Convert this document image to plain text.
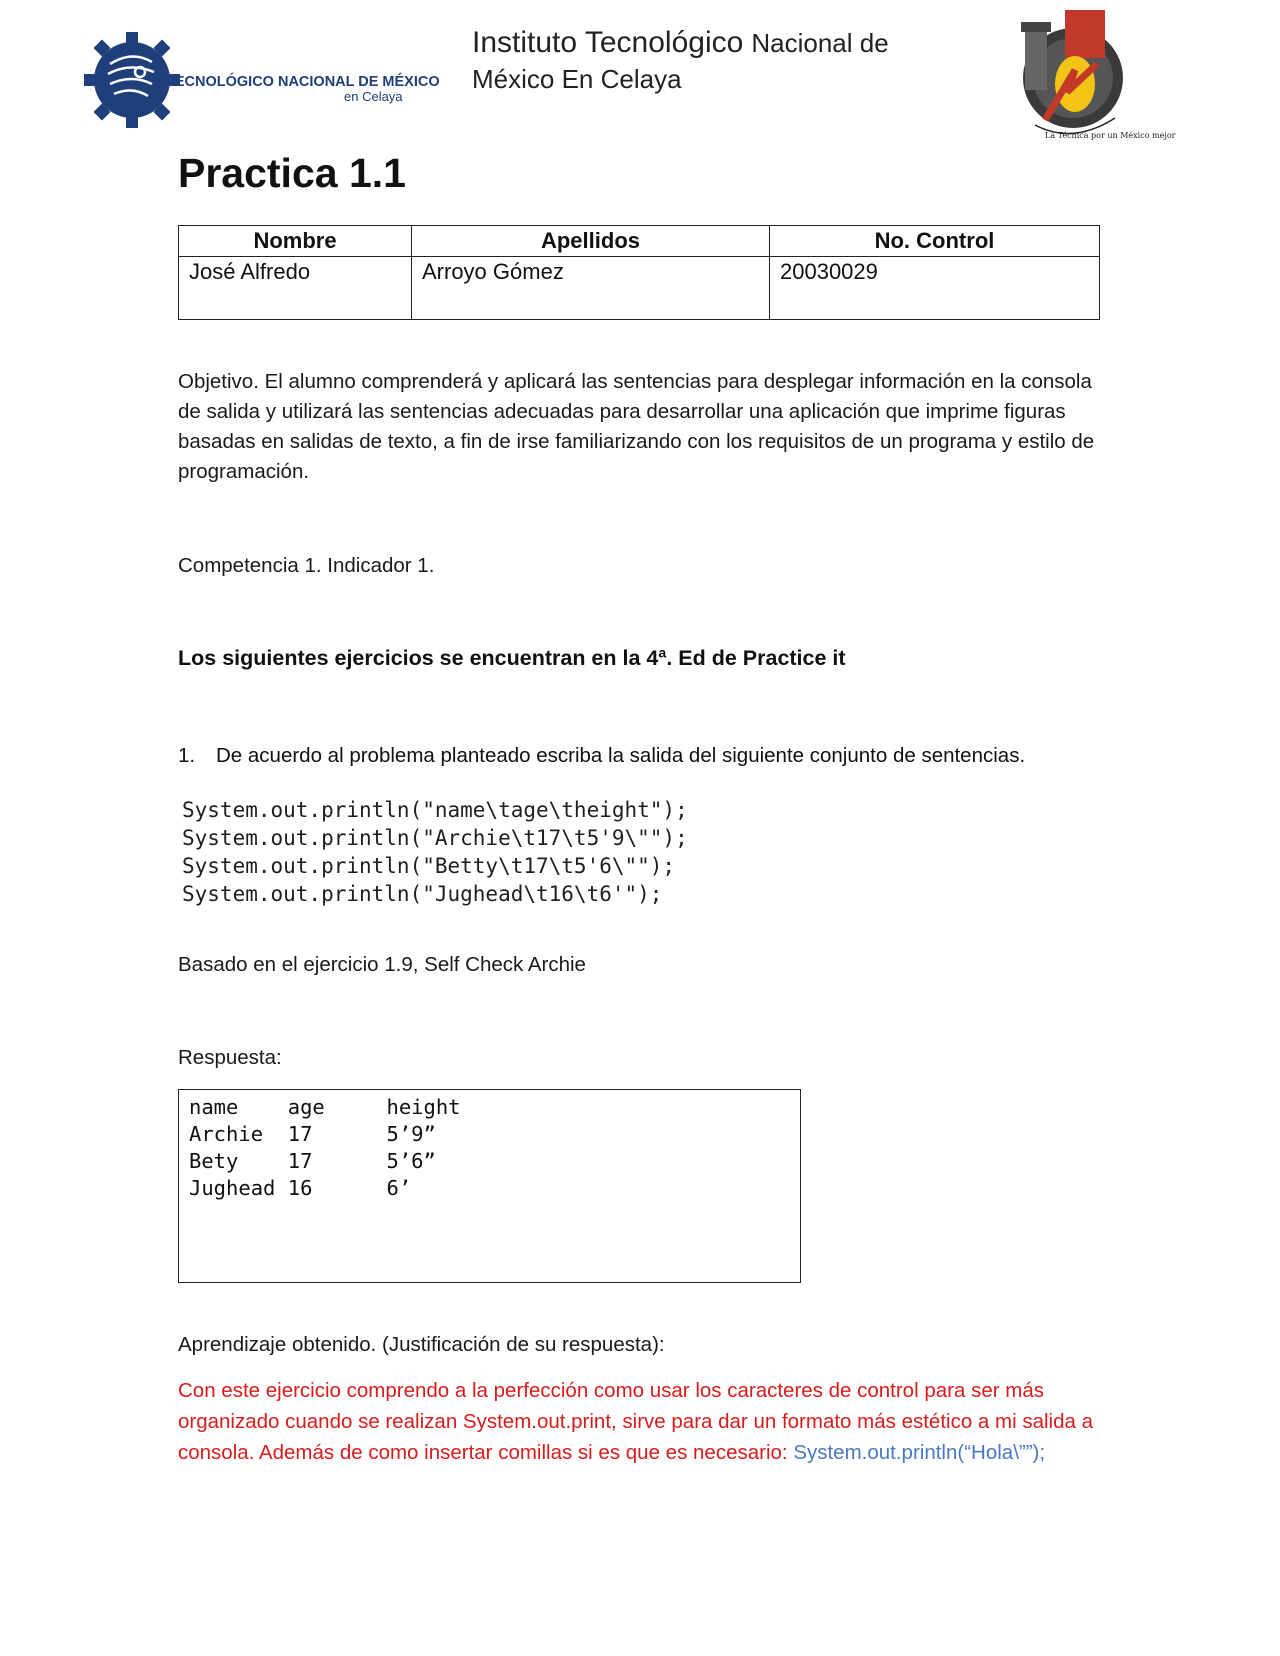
TECNOLÓGICO NACIONAL DE MÉXICO
en Celaya
Instituto Tecnológico Nacional de
México En Celaya
La Técnica por un México mejor
Practica 1.1
Nombre	Apellidos	No. Control
José Alfredo	Arroyo Gómez	20030029

Objetivo. El alumno comprenderá y aplicará las sentencias para desplegar información en la consola de salida y utilizará las sentencias adecuadas para desarrollar una aplicación que imprime figuras basadas en salidas de texto, a fin de irse familiarizando con los requisitos de un programa y estilo de programación.

Competencia 1. Indicador 1.

Los siguientes ejercicios se encuentran en la 4ª. Ed de Practice it

1. De acuerdo al problema planteado escriba la salida del siguiente conjunto de sentencias.

System.out.println("name\tage\theight");
System.out.println("Archie\t17\t5'9\"");
System.out.println("Betty\t17\t5'6\"");
System.out.println("Jughead\t16\t6'");

Basado en el ejercicio 1.9, Self Check Archie

Respuesta:

name    age     height
Archie  17      5’9”
Bety    17      5’6”
Jughead 16      6’

Aprendizaje obtenido. (Justificación de su respuesta):

Con este ejercicio comprendo a la perfección como usar los caracteres de control para ser más organizado cuando se realizan System.out.print, sirve para dar un formato más estético a mi salida a consola. Además de como insertar comillas si es que es necesario: System.out.println(“Hola\””);
